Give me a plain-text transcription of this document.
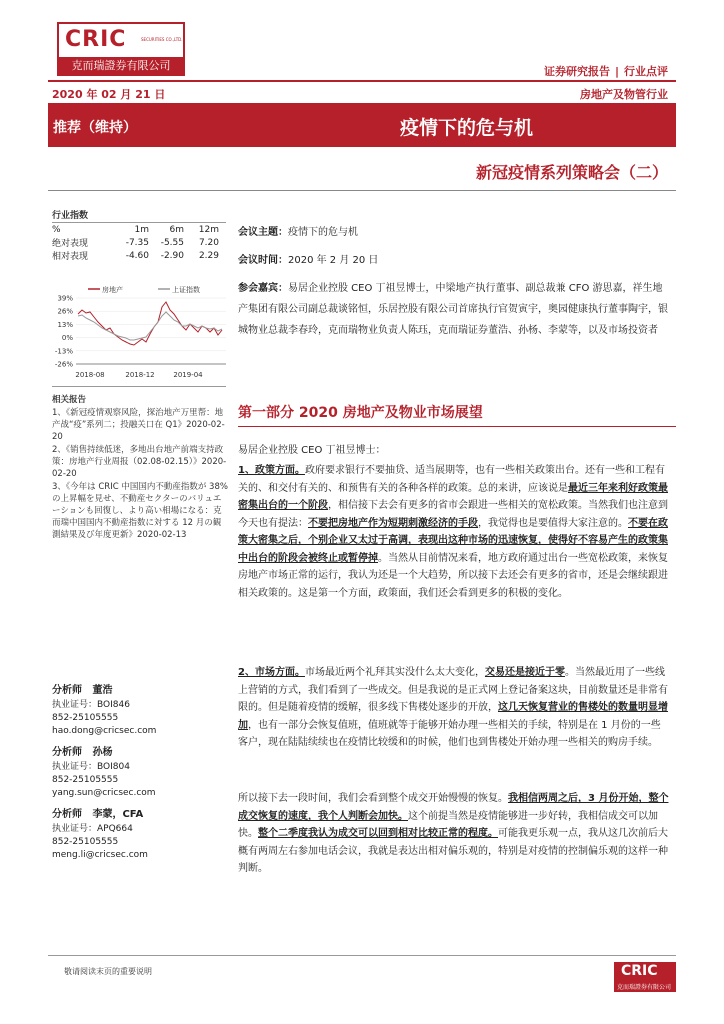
CRIC	SECURITIES CO.,LTD.
克而瑞證券有限公司	证券研究报告 | 行业点评
2020 年 02 月 21 日	房地产及物管行业
推荐（维持）	疫情下的危与机
新冠疫情系列策略会（二）
行业指数
%	1m	6m	12m
绝对表现	-7.35	-5.55	7.20
相对表现	-4.60	-2.90	2.29
房地产	上证指数
39%
26%
13%
0%
-13%
-26%
2018-08	2018-12	2019-04
相关报告

1、《新冠疫情观察风险，探治地产万里帮：地产战“疫”系列二；投融关口在 Q1》2020-02-20

2、《销售持续低迷，多地出台地产前端支持政策：房地产行业周报（02.08-02.15）》2020-02-20

3、《今年は CRIC 中国国内不動産指数が 38%の上昇幅を見せ、不動産セクターのバリュエーションも回復し、より高い相場になる：克而瑞中国国内不動産指数に対する 12 月の観測結果及び年度更新》2020-02-13

分析师 董浩
执业证号：BOI846
852-25105555
hao.dong@cricsec.com
分析师 孙杨
执业证号：BOI804
852-25105555
yang.sun@cricsec.com
分析师 李蒙，CFA
执业证号：APQ664
852-25105555
meng.li@cricsec.com
会议主题：疫情下的危与机
会议时间：2020 年 2 月 20 日
参会嘉宾：易居企业控股 CEO 丁祖昱博士，中梁地产执行董事、副总裁兼 CFO 游思嘉，祥生地产集团有限公司副总裁谈铭恒，乐居控股有限公司首席执行官贺寅宇，奥园健康执行董事陶宇，银城物业总裁李春玲，克而瑞物业负责人陈珏，克而瑞证券董浩、孙杨、李蒙等，以及市场投资者
第一部分 2020 房地产及物业市场展望
易居企业控股 CEO 丁祖昱博士：
1、政策方面。政府要求银行不要抽贷、适当展期等，也有一些相关政策出台。还有一些和工程有关的、和交付有关的、和预售有关的各种各样的政策。总的来讲，应该说是最近三年来利好政策最密集出台的一个阶段，相信接下去会有更多的省市会跟进一些相关的宽松政策。当然我们也注意到今天也有提法：不要把房地产作为短期刺激经济的手段，我觉得也是要值得大家注意的。不要在政策大密集之后，个别企业又太过于高调，表现出这种市场的迅速恢复，使得好不容易产生的政策集中出台的阶段会被终止或暂停掉。当然从目前情况来看，地方政府通过出台一些宽松政策，来恢复房地产市场正常的运行，我认为还是一个大趋势，所以接下去还会有更多的省市，还是会继续跟进相关政策的。这是第一个方面，政策面，我们还会看到更多的积极的变化。
2、市场方面。市场最近两个礼拜其实没什么太大变化，交易还是接近于零。当然最近用了一些线上营销的方式，我们看到了一些成交。但是我说的是正式网上登记备案这块，目前数量还是非常有限的。但是随着疫情的缓解，很多线下售楼处逐步的开放，这几天恢复营业的售楼处的数量明显增加，也有一部分会恢复值班，值班就等于能够开始办理一些相关的手续，特别是在 1 月份的一些客户，现在陆陆续续也在疫情比较缓和的时候，他们也到售楼处开始办理一些相关的购房手续。
所以接下去一段时间，我们会看到整个成交开始慢慢的恢复。我相信两周之后，3 月份开始，整个成交恢复的速度，我个人判断会加快。这个前提当然是疫情能够进一步好转，我相信成交可以加快。整个二季度我认为成交可以回到相对比较正常的程度。可能我更乐观一点，我从这几次前后大概有两周左右参加电话会议，我就是表达出相对偏乐观的，特别是对疫情的控制偏乐观的这样一种判断。
敬请阅读末页的重要说明	CRIC
克而瑞證券有限公司
